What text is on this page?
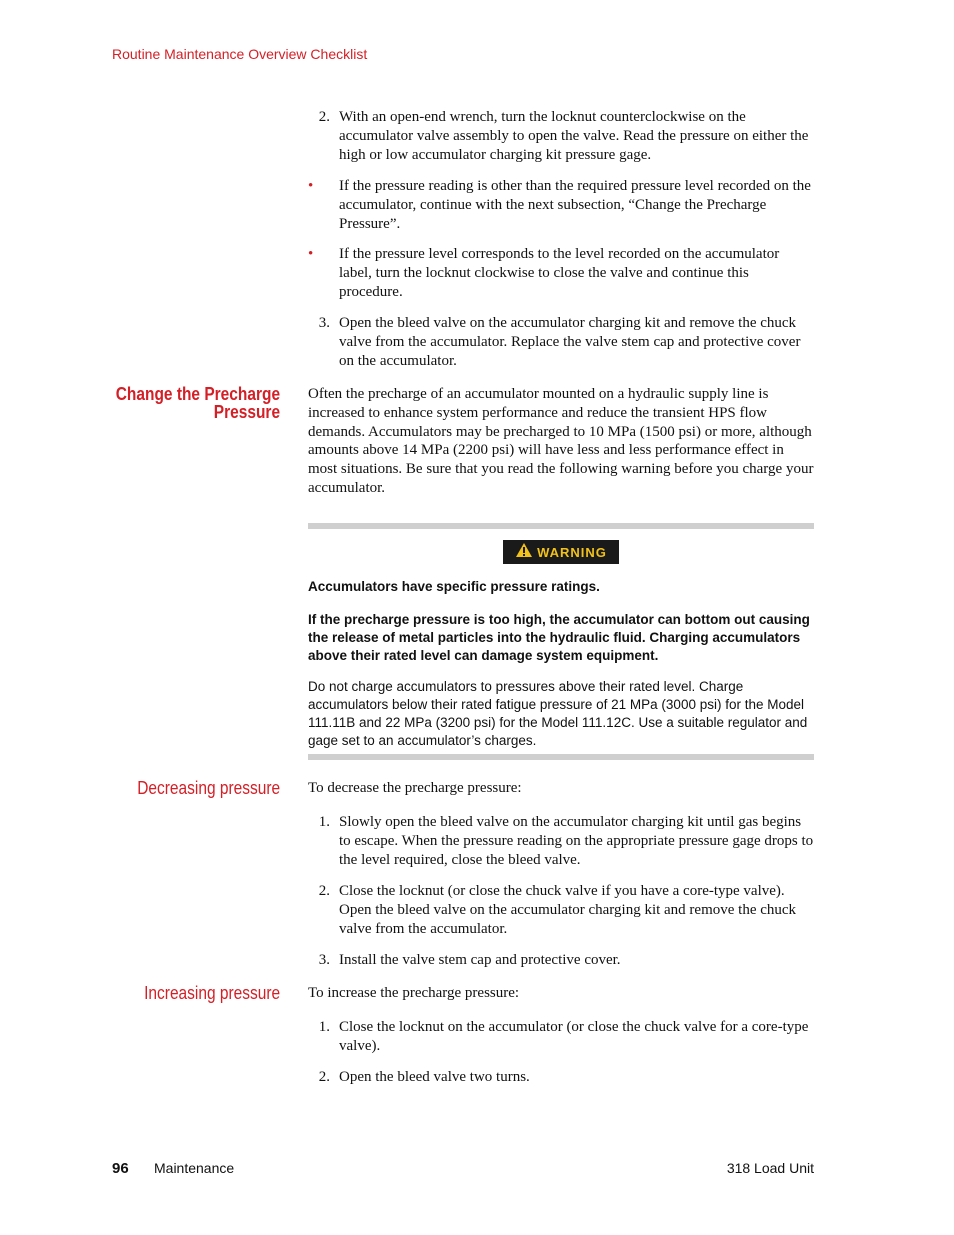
Routine Maintenance Overview Checklist
2. With an open-end wrench, turn the locknut counterclockwise on the accumulator valve assembly to open the valve. Read the pressure on either the high or low accumulator charging kit pressure gage.
•	If the pressure reading is other than the required pressure level recorded on the accumulator, continue with the next subsection, “Change the Precharge Pressure”.
•	If the pressure level corresponds to the level recorded on the accumulator label, turn the locknut clockwise to close the valve and continue this procedure.
3. Open the bleed valve on the accumulator charging kit and remove the chuck valve from the accumulator. Replace the valve stem cap and protective cover on the accumulator.
Change the Precharge
Pressure
Often the precharge of an accumulator mounted on a hydraulic supply line is increased to enhance system performance and reduce the transient HPS flow demands. Accumulators may be precharged to 10 MPa (1500 psi) or more, although amounts above 14 MPa (2200 psi) will have less and less performance effect in most situations. Be sure that you read the following warning before you charge your accumulator.
WARNING
Accumulators have specific pressure ratings.
If the precharge pressure is too high, the accumulator can bottom out causing the release of metal particles into the hydraulic fluid. Charging accumulators above their rated level can damage system equipment.
Do not charge accumulators to pressures above their rated level. Charge accumulators below their rated fatigue pressure of 21 MPa (3000 psi) for the Model 111.11B and 22 MPa (3200 psi) for the Model 111.12C. Use a suitable regulator and gage set to an accumulator’s charges.
Decreasing pressure To decrease the precharge pressure:
1. Slowly open the bleed valve on the accumulator charging kit until gas begins to escape. When the pressure reading on the appropriate pressure gage drops to the level required, close the bleed valve.
2. Close the locknut (or close the chuck valve if you have a core-type valve). Open the bleed valve on the accumulator charging kit and remove the chuck valve from the accumulator.
3. Install the valve stem cap and protective cover.
Increasing pressure To increase the precharge pressure:
1. Close the locknut on the accumulator (or close the chuck valve for a core-type valve).
2. Open the bleed valve two turns.
96 Maintenance	318 Load Unit
